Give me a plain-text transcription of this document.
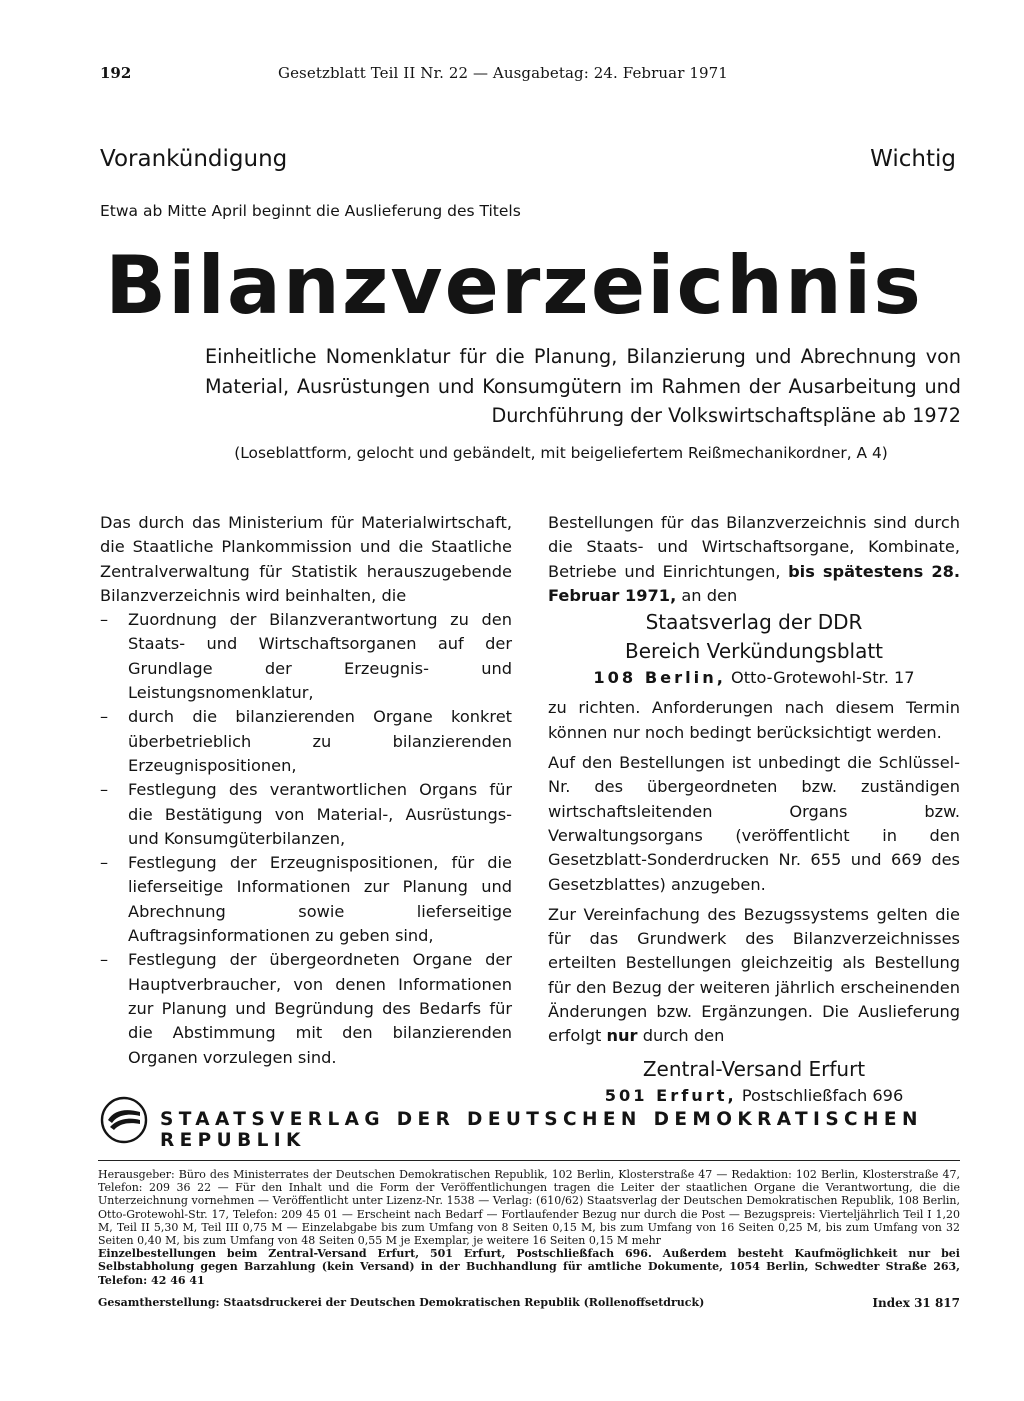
192	Gesetzblatt Teil II Nr. 22 — Ausgabetag: 24. Februar 1971
Vorankündigung	Wichtig
Etwa ab Mitte April beginnt die Auslieferung des Titels
Bilanzverzeichnis
Einheitliche Nomenklatur für die Planung, Bilanzierung und Abrechnung von Material, Ausrüstungen und Konsumgütern im Rahmen der Ausarbeitung und Durchführung der Volkswirtschaftspläne ab 1972
(Loseblattform, gelocht und gebändelt, mit beigeliefertem Reißmechanikordner, A 4)

Das durch das Ministerium für Materialwirtschaft, die Staatliche Plankommission und die Staatliche Zentralverwaltung für Statistik herauszugebende Bilanzverzeichnis wird beinhalten, die

– Zuordnung der Bilanzverantwortung zu den Staats- und Wirtschaftsorganen auf der Grundlage der Erzeugnis- und Leistungsnomenklatur,
– durch die bilanzierenden Organe konkret überbetrieblich zu bilanzierenden Erzeugnispositionen,
– Festlegung des verantwortlichen Organs für die Bestätigung von Material-, Ausrüstungs- und Konsumgüterbilanzen,
– Festlegung der Erzeugnispositionen, für die lieferseitige Informationen zur Planung und Abrechnung sowie lieferseitige Auftragsinformationen zu geben sind,
– Festlegung der übergeordneten Organe der Hauptverbraucher, von denen Informationen zur Planung und Begründung des Bedarfs für die Abstimmung mit den bilanzierenden Organen vorzulegen sind.

Bestellungen für das Bilanzverzeichnis sind durch die Staats- und Wirtschaftsorgane, Kombinate, Betriebe und Einrichtungen, bis spätestens 28. Februar 1971, an den

Staatsverlag der DDR
Bereich Verkündungsblatt
108 Berlin, Otto-Grotewohl-Str. 17

zu richten. Anforderungen nach diesem Termin können nur noch bedingt berücksichtigt werden.

Auf den Bestellungen ist unbedingt die Schlüssel-Nr. des übergeordneten bzw. zuständigen wirtschaftsleitenden Organs bzw. Verwaltungsorgans (veröffentlicht in den Gesetzblatt-Sonderdrucken Nr. 655 und 669 des Gesetzblattes) anzugeben.

Zur Vereinfachung des Bezugssystems gelten die für das Grundwerk des Bilanzverzeichnisses erteilten Bestellungen gleichzeitig als Bestellung für den Bezug der weiteren jährlich erscheinenden Änderungen bzw. Ergänzungen. Die Auslieferung erfolgt nur durch den

Zentral-Versand Erfurt
501 Erfurt, Postschließfach 696
STAATSVERLAG DER DEUTSCHEN DEMOKRATISCHEN REPUBLIK

Herausgeber: Büro des Ministerrates der Deutschen Demokratischen Republik, 102 Berlin, Klosterstraße 47 — Redaktion: 102 Berlin, Klosterstraße 47, Telefon: 209 36 22 — Für den Inhalt und die Form der Veröffentlichungen tragen die Leiter der staatlichen Organe die Verantwortung, die die Unterzeichnung vornehmen — Veröffentlicht unter Lizenz-Nr. 1538 — Verlag: (610/62) Staatsverlag der Deutschen Demokratischen Republik, 108 Berlin, Otto-Grotewohl-Str. 17, Telefon: 209 45 01 — Erscheint nach Bedarf — Fortlaufender Bezug nur durch die Post — Bezugspreis: Vierteljährlich Teil I 1,20 M, Teil II 5,30 M, Teil III 0,75 M — Einzelabgabe bis zum Umfang von 8 Seiten 0,15 M, bis zum Umfang von 16 Seiten 0,25 M, bis zum Umfang von 32 Seiten 0,40 M, bis zum Umfang von 48 Seiten 0,55 M je Exemplar, je weitere 16 Seiten 0,15 M mehr

Einzelbestellungen beim Zentral-Versand Erfurt, 501 Erfurt, Postschließfach 696. Außerdem besteht Kaufmöglichkeit nur bei Selbstabholung gegen Barzahlung (kein Versand) in der Buchhandlung für amtliche Dokumente, 1054 Berlin, Schwedter Straße 263, Telefon: 42 46 41

Gesamtherstellung: Staatsdruckerei der Deutschen Demokratischen Republik (Rollenoffsetdruck)	Index 31 817
